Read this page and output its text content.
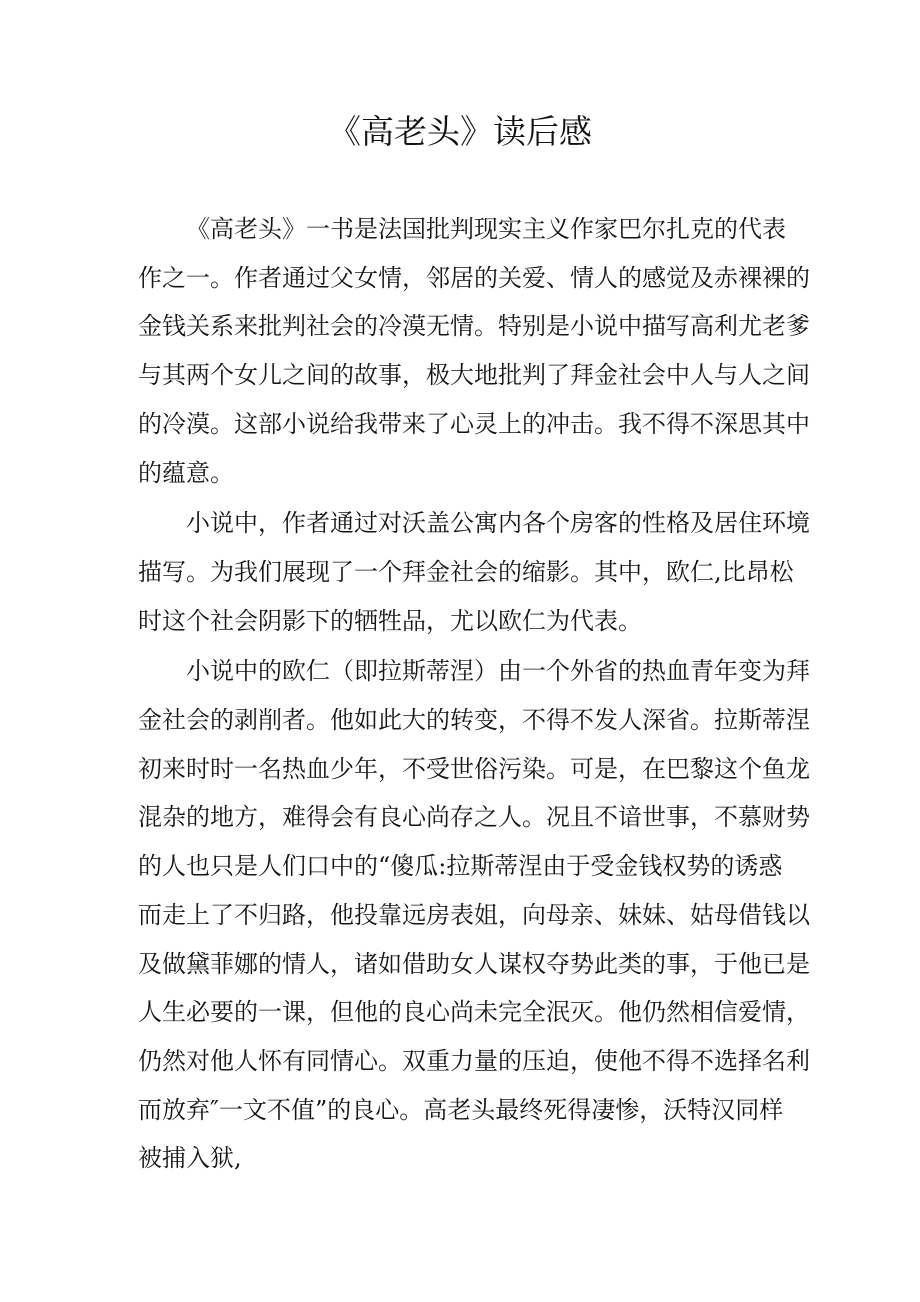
《高老头》读后感

《高老头》一书是法国批判现实主义作家巴尔扎克的代表
作之一。作者通过父女情，邻居的关爱、情人的感觉及赤裸裸的
金钱关系来批判社会的冷漠无情。特别是小说中描写高利尤老爹
与其两个女儿之间的故事，极大地批判了拜金社会中人与人之间
的冷漠。这部小说给我带来了心灵上的冲击。我不得不深思其中
的蕴意。

小说中，作者通过对沃盖公寓内各个房客的性格及居住环境
描写。为我们展现了一个拜金社会的缩影。其中，欧仁,比昂松
时这个社会阴影下的牺牲品，尤以欧仁为代表。

小说中的欧仁（即拉斯蒂涅）由一个外省的热血青年变为拜
金社会的剥削者。他如此大的转变，不得不发人深省。拉斯蒂涅
初来时时一名热血少年，不受世俗污染。可是，在巴黎这个鱼龙
混杂的地方，难得会有良心尚存之人。况且不谙世事，不慕财势
的人也只是人们口中的“傻瓜:拉斯蒂涅由于受金钱权势的诱惑
而走上了不归路，他投靠远房表姐，向母亲、妹妹、姑母借钱以
及做黛菲娜的情人，诸如借助女人谋权夺势此类的事，于他已是
人生必要的一课，但他的良心尚未完全泯灭。他仍然相信爱情，
仍然对他人怀有同情心。双重力量的压迫，使他不得不选择名利
而放弃″一文不值”的良心。高老头最终死得凄惨，沃特汉同样
被捕入狱,
